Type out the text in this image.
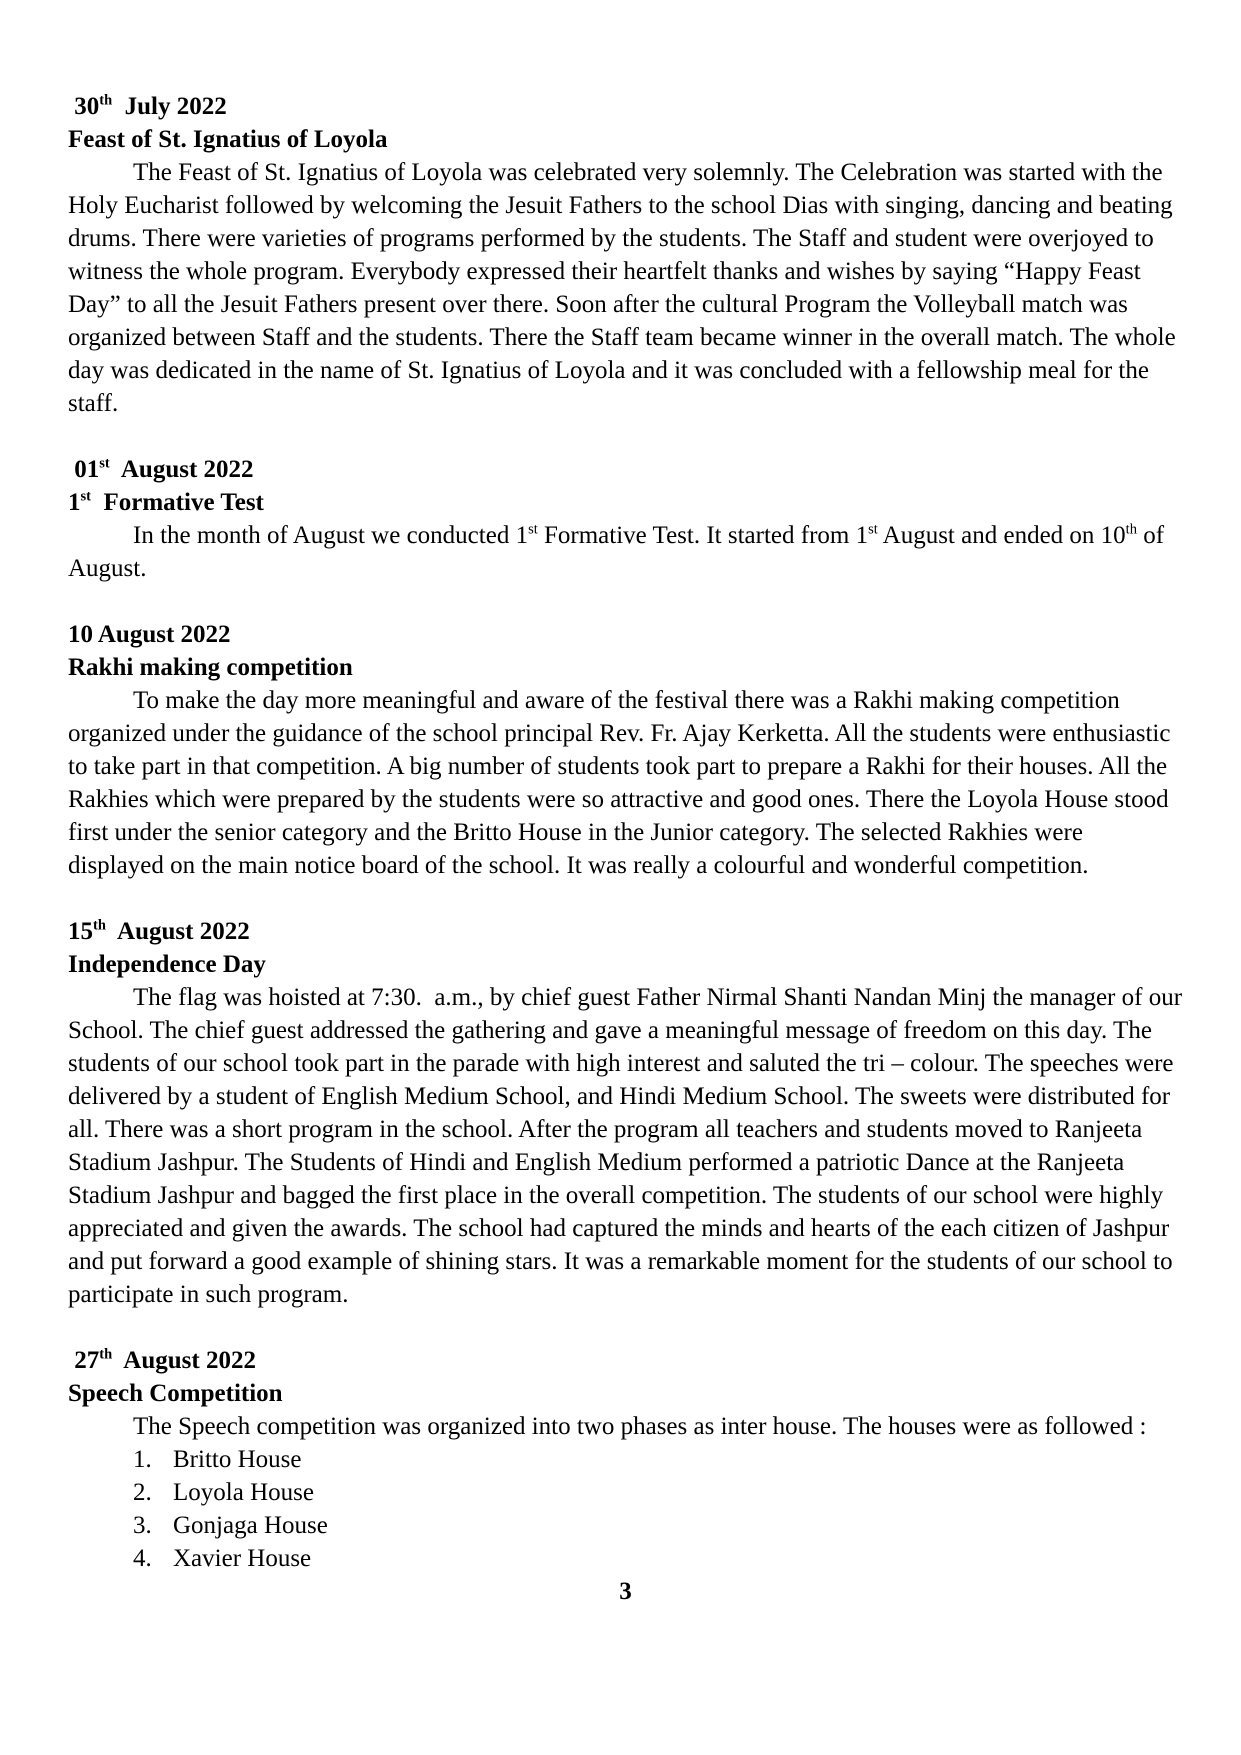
30th  July 2022
Feast of St. Ignatius of Loyola

The Feast of St. Ignatius of Loyola was celebrated very solemnly. The Celebration was started with the Holy Eucharist followed by welcoming the Jesuit Fathers to the school Dias with singing, dancing and beating drums. There were varieties of programs performed by the students. The Staff and student were overjoyed to witness the whole program. Everybody expressed their heartfelt thanks and wishes by saying “Happy Feast Day” to all the Jesuit Fathers present over there. Soon after the cultural Program the Volleyball match was organized between Staff and the students. There the Staff team became winner in the overall match. The whole day was dedicated in the name of St. Ignatius of Loyola and it was concluded with a fellowship meal for the staff.

01st  August 2022
1st  Formative Test

In the month of August we conducted 1st Formative Test. It started from 1st August and ended on 10th of August.

10 August 2022
Rakhi making competition

To make the day more meaningful and aware of the festival there was a Rakhi making competition organized under the guidance of the school principal Rev. Fr. Ajay Kerketta. All the students were enthusiastic to take part in that competition. A big number of students took part to prepare a Rakhi for their houses. All the Rakhies which were prepared by the students were so attractive and good ones. There the Loyola House stood first under the senior category and the Britto House in the Junior category. The selected Rakhies were  displayed on the main notice board of the school. It was really a colourful and wonderful competition.

15th  August 2022
Independence Day

The flag was hoisted at 7:30.  a.m., by chief guest Father Nirmal Shanti Nandan Minj the manager of our School. The chief guest addressed the gathering and gave a meaningful message of freedom on this day. The students of our school took part in the parade with high interest and saluted the tri – colour. The speeches were delivered by a student of English Medium School, and Hindi Medium School. The sweets were distributed for all. There was a short program in the school. After the program all teachers and students moved to Ranjeeta Stadium Jashpur. The Students of Hindi and English Medium performed a patriotic Dance at the Ranjeeta Stadium Jashpur and bagged the first place in the overall competition. The students of our school were highly appreciated and given the awards. The school had captured the minds and hearts of the each citizen of Jashpur and put forward a good example of shining stars. It was a remarkable moment for the students of our school to participate in such program.

27th  August 2022
Speech Competition

The Speech competition was organized into two phases as inter house. The houses were as followed :

1. Britto House
2. Loyola House
3. Gonjaga House
4. Xavier House
3
